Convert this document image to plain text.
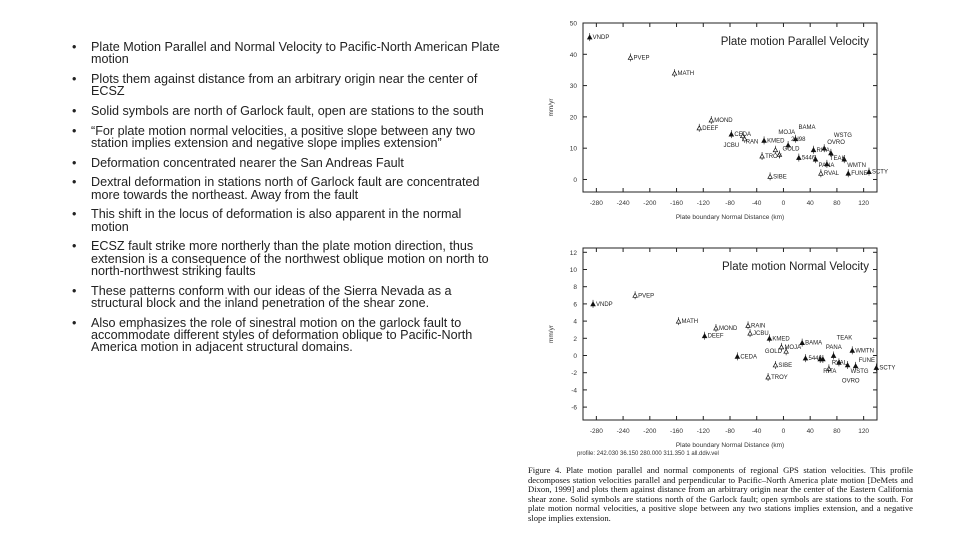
• Plate Motion Parallel and Normal Velocity to Pacific-North American Plate motion
• Plots them against distance from an arbitrary origin near the center of ECSZ
• Solid symbols are north of Garlock fault, open are stations to the south
• “For plate motion normal velocities, a positive slope between any two station implies extension and negative slope implies extension”
• Deformation concentrated nearer the San Andreas Fault
• Dextral deformation in stations north of Garlock fault are concentrated more towards the northeast. Away from the fault
• This shift in the locus of deformation is also apparent in the normal motion
• ECSZ fault strike more northerly than the plate motion direction, thus extension is a consequence of the northwest oblique motion on north to north-northwest striking faults
• These patterns conform with our ideas of the Sierra Nevada as a structural block and the inland penetration of the shear zone.
• Also emphasizes the role of sinestral motion on the garlock fault to accommodate different styles of deformation oblique to Pacific-North America motion in adjacent structural domains.
Plate motion Parallel Velocity
-280 -240 -200 -160 -120 -80	-40	0	40	80	120
0
10
20
30
40
50
Plate boundary Normal Distance (km)
mm/yr
VNDP
PVEP
MATH
MOND
DEEF
CEDA
RAN
JCBU
KMED
TROY
SIBE
MOJA
GOLD
2H98
BAMA
5446
RITA
PANA
RVAL
OVRO
TEAK
WSTG
WMTN
FUNE SCTY
Plate motion Normal Velocity
-280 -240 -200 -160 -120 -80	-40	0	40	80	120
-6
-4
-2
0
2
4
6
8
10
12
Plate boundary Normal Distance (km)
mm/yr
VNDP
PVEP
MATH
DEEF
MOND
CEDA
RAIN
JCBU
KMED
TROY
SIBE
MOJA
GOLD
BAMA
5446
RITA
PANA
RVAL
TEAK
OVRO
WSTG
WMTN
FUNE
SCTY
profile: 242.030 36.150 280.000 311.350 1 all.ddiv.vel
Figure 4. Plate motion parallel and normal components of regional GPS station velocities. This profile decomposes station velocities parallel and perpendicular to Pacific–North America plate motion [DeMets and Dixon, 1999] and plots them against distance from an arbitrary origin near the center of the Eastern California shear zone. Solid symbols are stations north of the Garlock fault; open symbols are stations to the south. For plate motion normal velocities, a positive slope between any two stations implies extension, and a negative slope implies extension.
